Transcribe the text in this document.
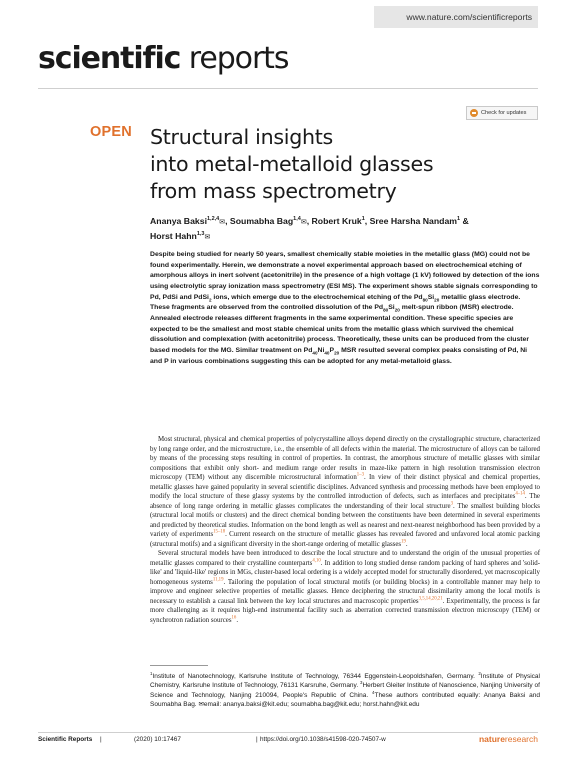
www.nature.com/scientificreports
scientific reports
Check for updates
OPEN Structural insights
into metal-metalloid glasses
from mass spectrometry
Ananya Baksi$^{1,2,4}$✉, Soumabha Bag$^{1,4}$✉, Robert Kruk$^1$, Sree Harsha Nandam$^1$ &
Horst Hahn$^{1,3}$✉

Despite being studied for nearly 50 years, smallest chemically stable moieties in the metallic glass (MG) could not be found experimentally. Herein, we demonstrate a novel experimental approach based on electrochemical etching of amorphous alloys in inert solvent (acetonitrile) in the presence of a high voltage (1 kV) followed by detection of the ions using electrolytic spray ionization mass spectrometry (ESI MS). The experiment shows stable signals corresponding to Pd, PdSi and PdSi$_2$ ions, which emerge due to the electrochemical etching of the $Pd_{80}Si_{20}$ metallic glass electrode. These fragments are observed from the controlled dissolution of the $Pd_{80}Si_{20}$ melt-spun ribbon (MSR) electrode. Annealed electrode releases different fragments in the same experimental condition. These specific species are expected to be the smallest and most stable chemical units from the metallic glass which survived the chemical dissolution and complexation (with acetonitrile) process. Theoretically, these units can be produced from the cluster based models for the MG. Similar treatment on $Pd_{40}Ni_{40}P_{20}$ MSR resulted several complex peaks consisting of Pd, Ni and P in various combinations suggesting this can be adopted for any metal-metalloid glass.

Most structural, physical and chemical properties of polycrystalline alloys depend directly on the crystallographic structure, characterized by long range order, and the microstructure, i.e., the ensemble of all defects within the material. The microstructure of alloys can be tailored by means of the processing steps resulting in control of properties. In contrast, the amorphous structure of metallic glasses with similar compositions that exhibit only short- and medium range order results in maze-like pattern in high resolution transmission electron microscopy (TEM) without any discernible microstructural information$^{1-3}$. In view of their distinct physical and chemical properties, metallic glasses have gained popularity in several scientific disciplines. Advanced synthesis and processing methods have been employed to modify the local structure of these glassy systems by the controlled introduction of defects, such as interfaces and precipitates$^{4-14}$. The absence of long range ordering in metallic glasses complicates the understanding of their local structure$^3$. The smallest building blocks (structural local motifs or clusters) and the direct chemical bonding between the constituents have been determined in several experiments and predicted by theoretical studies. Information on the bond length as well as nearest and next-nearest neighborhood has been provided by a variety of experiments$^{15-18}$. Current research on the structure of metallic glasses has revealed favored and unfavored local atomic packing (structural motifs) and a significant diversity in the short-range ordering of metallic glasses$^{19}$.

Several structural models have been introduced to describe the local structure and to understand the origin of the unusual properties of metallic glasses compared to their crystalline counterparts$^{4,10}$. In addition to long studied dense random packing of hard spheres and 'solid-like' and 'liquid-like' regions in MGs, cluster-based local ordering is a widely accepted model for structurally disordered, yet macroscopically homogeneous systems$^{11,19}$. Tailoring the population of local structural motifs (or building blocks) in a controllable manner may help to improve and engineer selective properties of metallic glasses. Hence deciphering the structural dissimilarity among the local motifs is necessary to establish a causal link between the key local structures and macroscopic properties$^{3,5,14,20,21}$. Experimentally, the process is far more challenging as it requires high-end instrumental facility such as aberration corrected transmission electron microscopy (TEM) or synchrotron radiation sources$^{16}$.

$^1$Institute of Nanotechnology, Karlsruhe Institute of Technology, 76344 Eggenstein-Leopoldshafen, Germany. $^2$Institute of Physical Chemistry, Karlsruhe Institute of Technology, 76131 Karsruhe, Germany. $^3$Herbert Gleiter Institute of Nanoscience, Nanjing University of Science and Technology, Nanjing 210094, People's Republic of China. $^4$These authors contributed equally: Ananya Baksi and Soumabha Bag. ✉email: ananya.baksi@kit.edu; soumabha.bag@kit.edu; horst.hahn@kit.edu

Scientific Reports |	(2020) 10:17467	| https://doi.org/10.1038/s41598-020-74507-w	natureresearch
